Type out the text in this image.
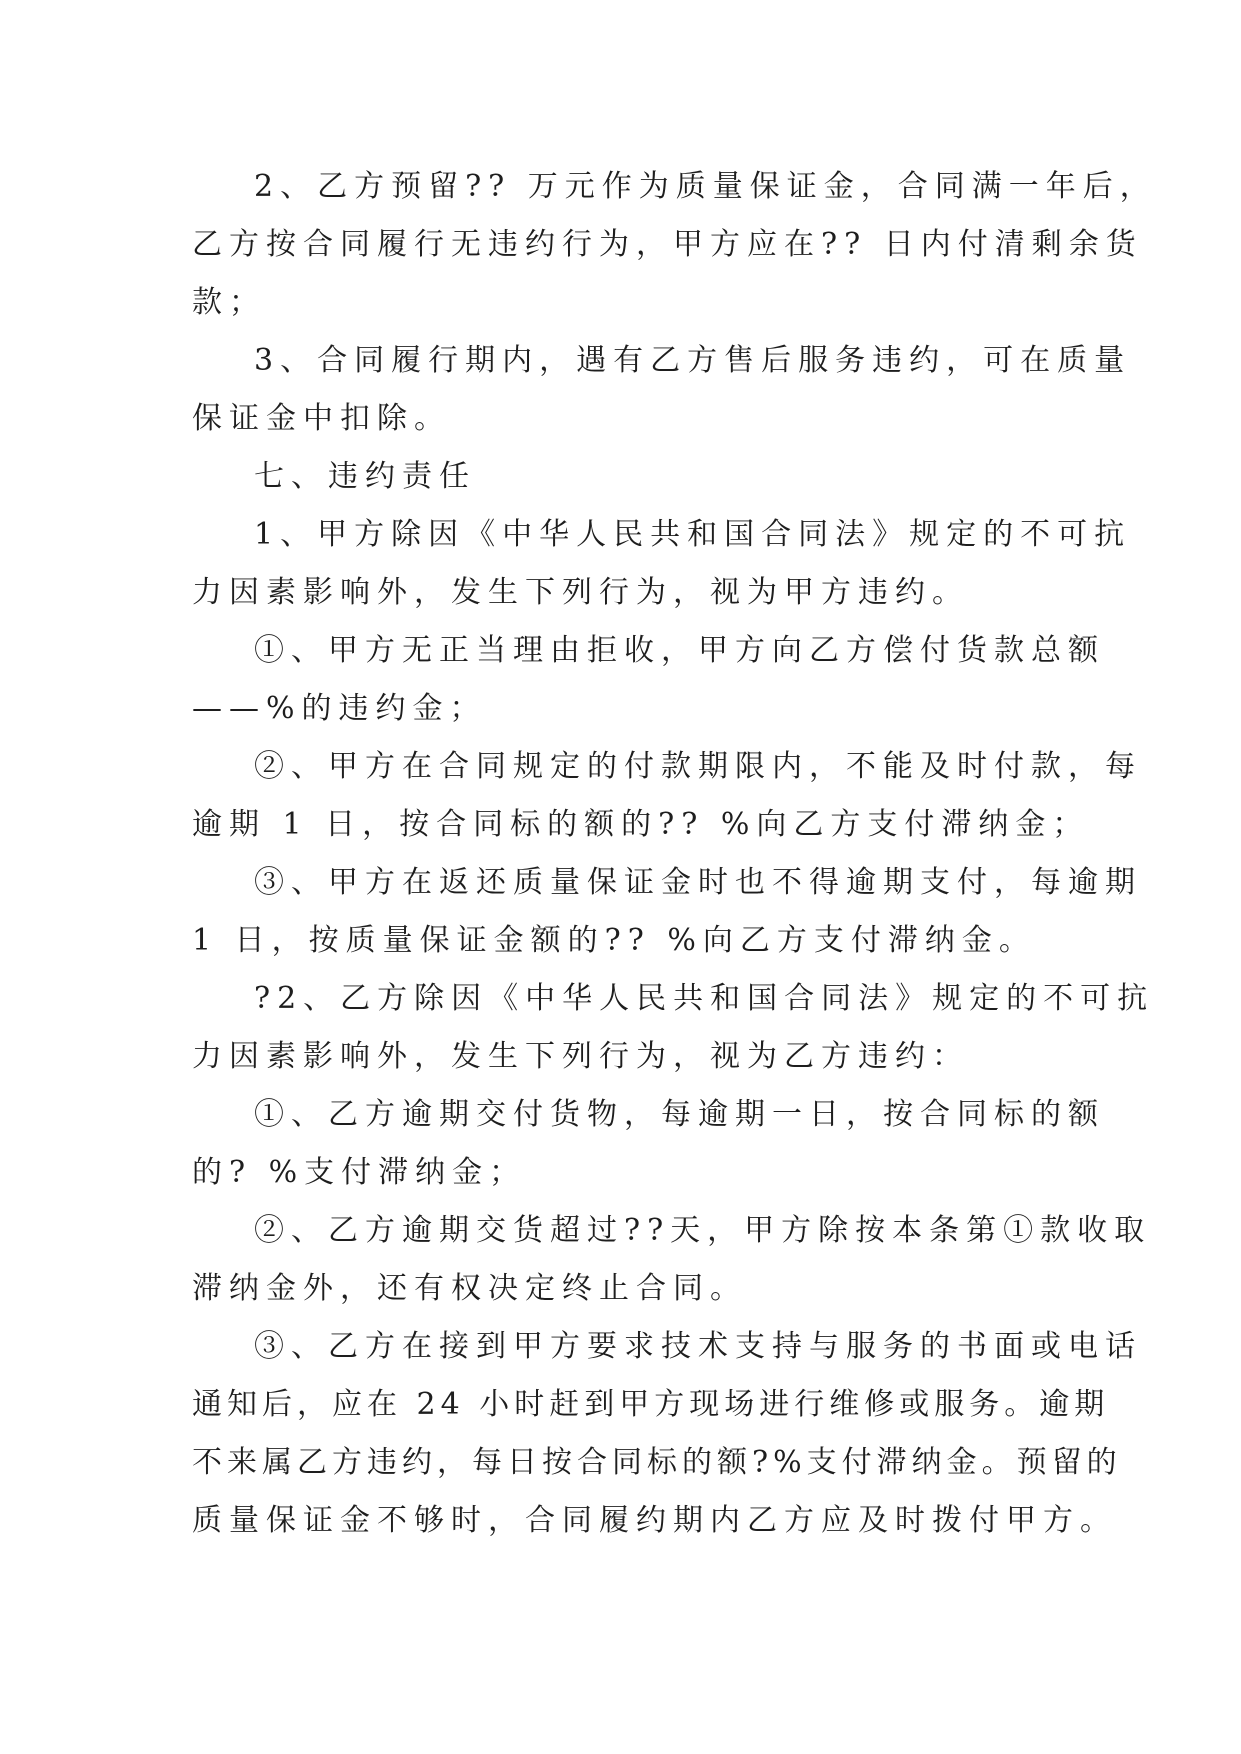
2、乙方预留?? 万元作为质量保证金，合同满一年后，
乙方按合同履行无违约行为，甲方应在?? 日内付清剩余货
款；
3、合同履行期内，遇有乙方售后服务违约，可在质量
保证金中扣除。
七、违约责任
1、甲方除因《中华人民共和国合同法》规定的不可抗
力因素影响外，发生下列行为，视为甲方违约。
①、甲方无正当理由拒收，甲方向乙方偿付货款总额
——%的违约金；
②、甲方在合同规定的付款期限内，不能及时付款，每
逾期 1 日，按合同标的额的?? %向乙方支付滞纳金；
③、甲方在返还质量保证金时也不得逾期支付，每逾期
1 日，按质量保证金额的?? %向乙方支付滞纳金。
?2、乙方除因《中华人民共和国合同法》规定的不可抗
力因素影响外，发生下列行为，视为乙方违约：
①、乙方逾期交付货物，每逾期一日，按合同标的额
的? %支付滞纳金；
②、乙方逾期交货超过??天，甲方除按本条第①款收取
滞纳金外，还有权决定终止合同。
③、乙方在接到甲方要求技术支持与服务的书面或电话
通知后，应在 24 小时赶到甲方现场进行维修或服务。逾期
不来属乙方违约，每日按合同标的额?%支付滞纳金。预留的
质量保证金不够时，合同履约期内乙方应及时拨付甲方。
